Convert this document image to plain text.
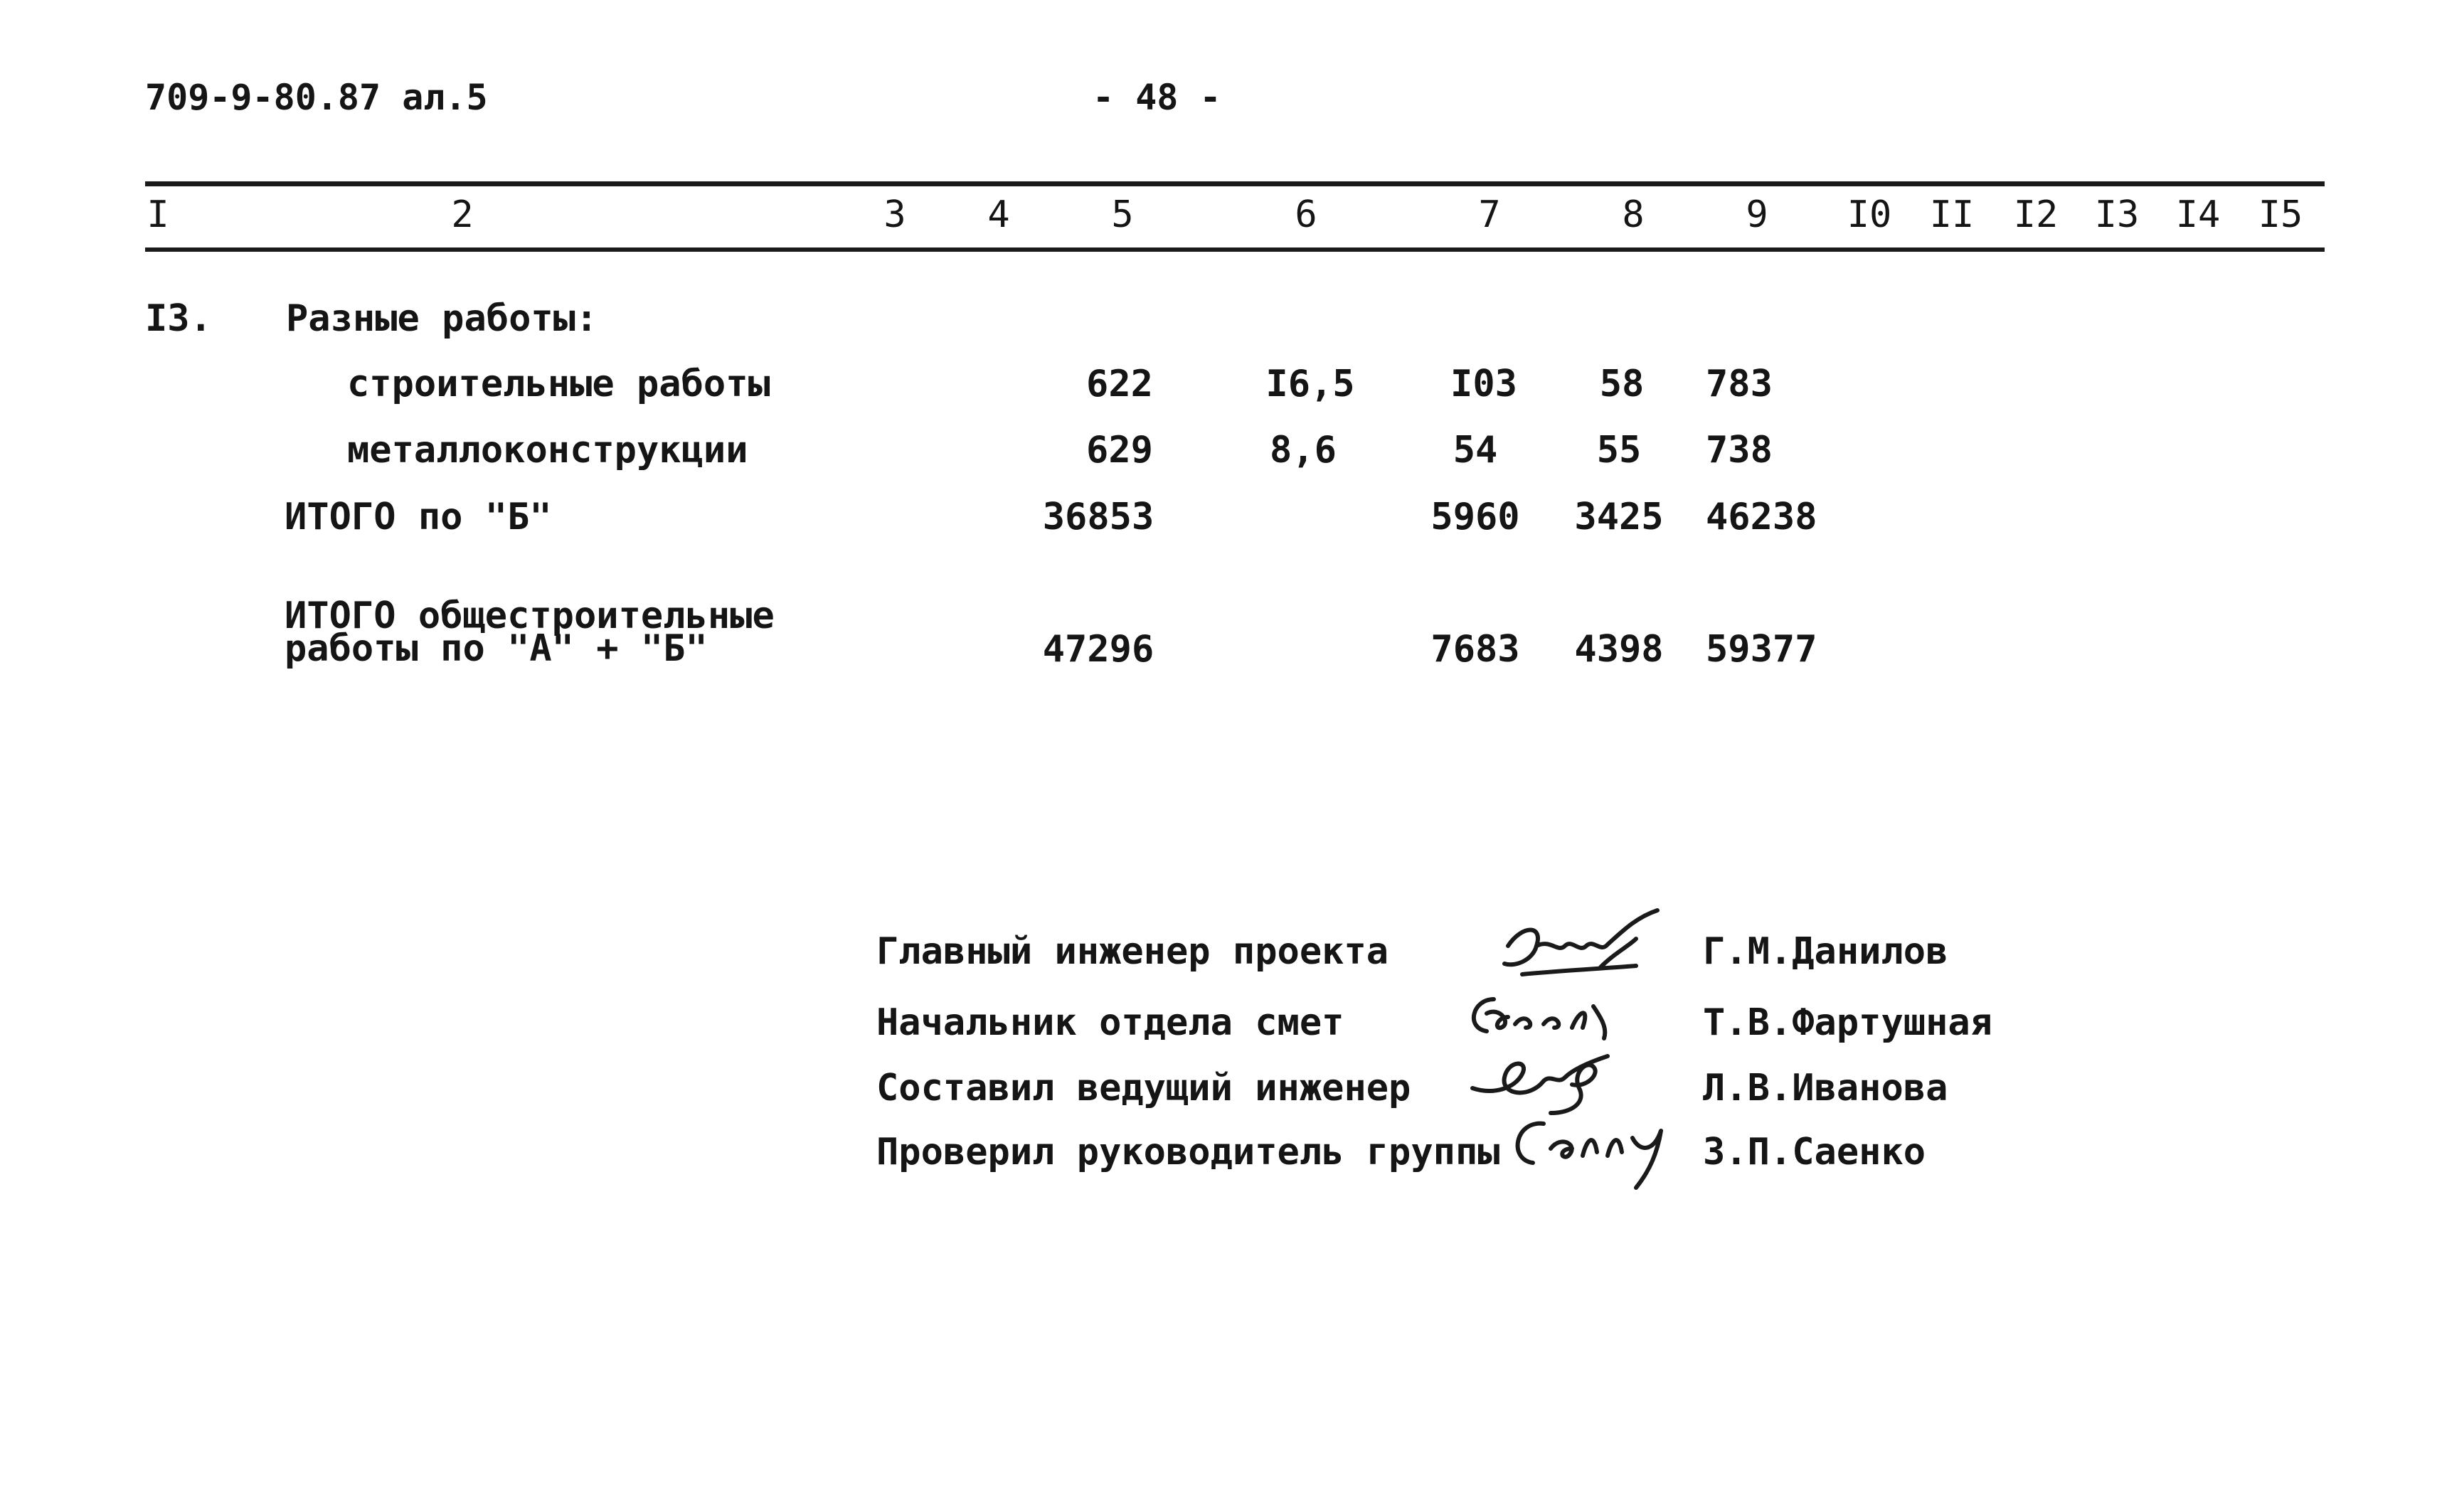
709-9-80.87 ал.5	- 48 -
I	2	3 4	5	6	7	8	9 I0 II I2 I3 I4 I5
I3. Разные работы:
строительные работы	622	I6,5	I03 58 783
металлоконструкции	629	8,6	54	55 738
ИТОГО по "Б"	36853	5960 3425 46238
ИТОГО общестроительные
работы по "А" + "Б"	47296	7683 4398 59377
Главный инженер проекта	Г.М.Данилов
Начальник отдела смет	Т.В.Фартушная
Составил ведущий инженер	Л.В.Иванова
Проверил руководитель группы	З.П.Саенко
